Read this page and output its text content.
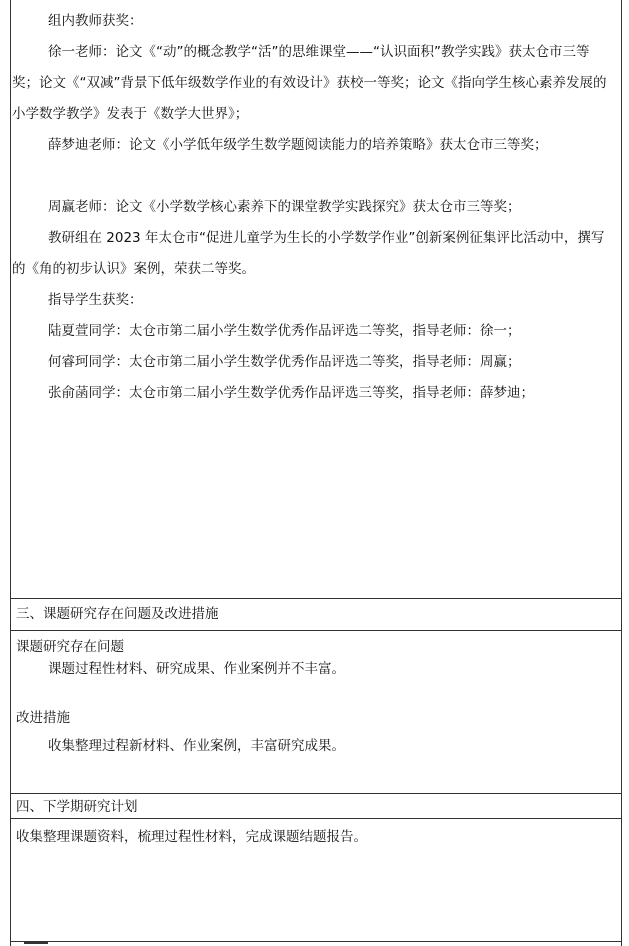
组内教师获奖：
徐一老师：论文《“动”的概念教学“活”的思维课堂——“认识面积”教学实践》获太仓市三等奖；论文《“双减”背景下低年级数学作业的有效设计》获校一等奖；论文《指向学生核心素养发展的小学数学教学》发表于《数学大世界》；
薛梦迪老师：论文《小学低年级学生数学题阅读能力的培养策略》获太仓市三等奖；
周赢老师：论文《小学数学核心素养下的课堂教学实践探究》获太仓市三等奖；
教研组在 2023 年太仓市“促进儿童学为生长的小学数学作业”创新案例征集评比活动中，撰写的《角的初步认识》案例，荣获二等奖。
指导学生获奖：
陆夏萱同学：太仓市第二届小学生数学优秀作品评选二等奖，指导老师：徐一；
何睿珂同学：太仓市第二届小学生数学优秀作品评选二等奖，指导老师：周赢；
张俞菡同学：太仓市第二届小学生数学优秀作品评选三等奖，指导老师：薛梦迪；
三、课题研究存在问题及改进措施
课题研究存在问题
课题过程性材料、研究成果、作业案例并不丰富。
改进措施
收集整理过程新材料、作业案例，丰富研究成果。
四、下学期研究计划
收集整理课题资料，梳理过程性材料，完成课题结题报告。
